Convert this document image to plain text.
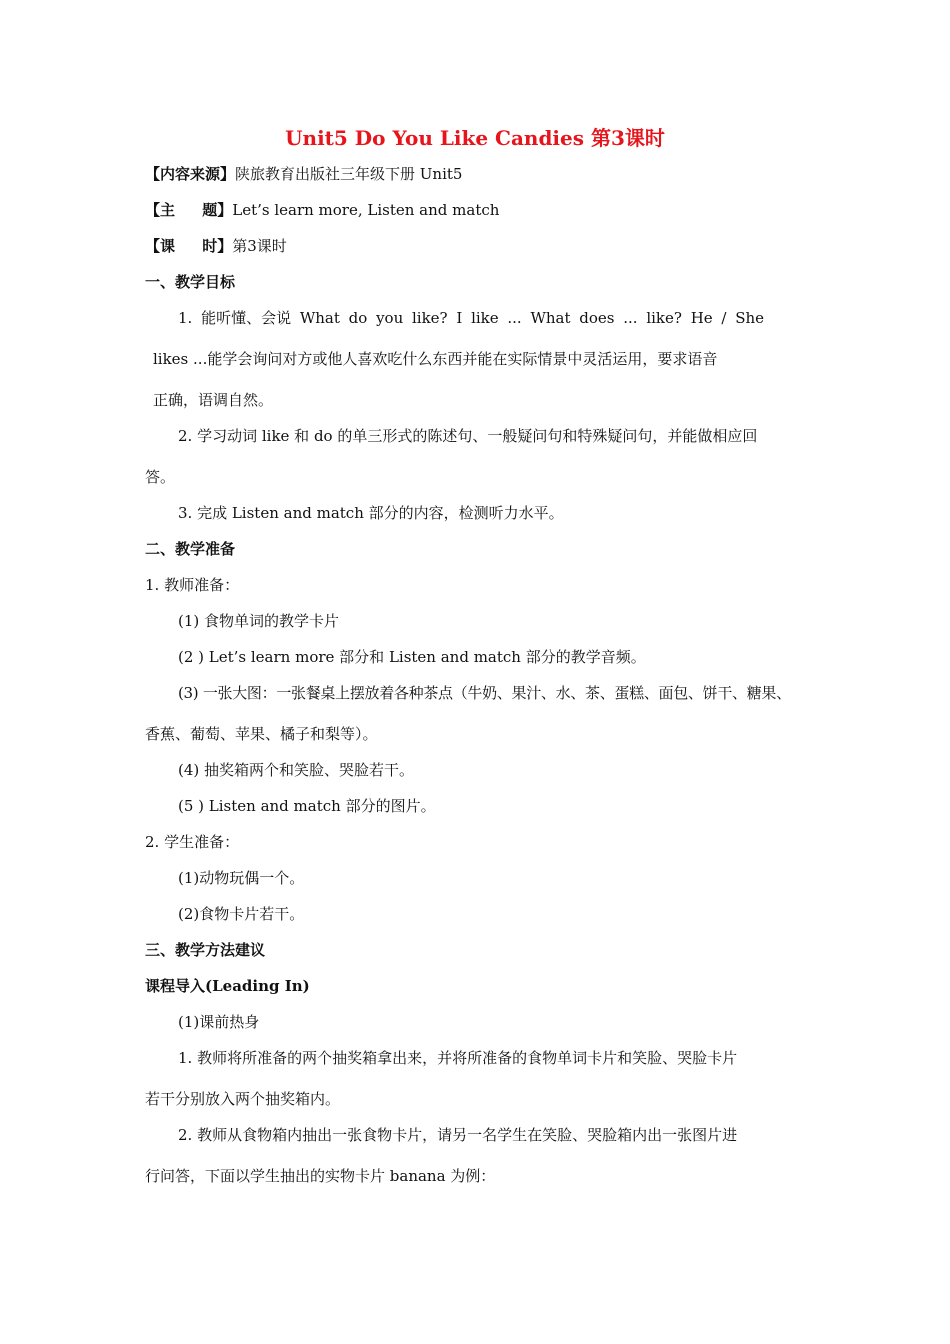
Unit5 Do You Like Candies 第3课时
【内容来源】陕旅教育出版社三年级下册 Unit5
【主 题】Let’s learn more, Listen and match
【课 时】第3课时
一、教学目标
1. 能听懂、会说 What do you like? I like ... What does ... like? He / She
likes ...能学会询问对方或他人喜欢吃什么东西并能在实际情景中灵活运用，要求语音
正确，语调自然。
2. 学习动词 like 和 do 的单三形式的陈述句、一般疑问句和特殊疑问句，并能做相应回
答。
3. 完成 Listen and match 部分的内容，检测听力水平。
二、教学准备
1. 教师准备：
(1) 食物单词的教学卡片
(2 ) Let’s learn more 部分和 Listen and match 部分的教学音频。
(3) 一张大图：一张餐桌上摆放着各种茶点（牛奶、果汁、水、茶、蛋糕、面包、饼干、糖果、
香蕉、葡萄、苹果、橘子和梨等）。
(4) 抽奖箱两个和笑脸、哭脸若干。
(5 ) Listen and match 部分的图片。
2. 学生准备：
(1)动物玩偶一个。
(2)食物卡片若干。
三、教学方法建议
课程导入(Leading In)
(1)课前热身
1. 教师将所准备的两个抽奖箱拿出来，并将所准备的食物单词卡片和笑脸、哭脸卡片
若干分别放入两个抽奖箱内。
2. 教师从食物箱内抽出一张食物卡片，请另一名学生在笑脸、哭脸箱内出一张图片进
行问答，下面以学生抽出的实物卡片 banana 为例：
